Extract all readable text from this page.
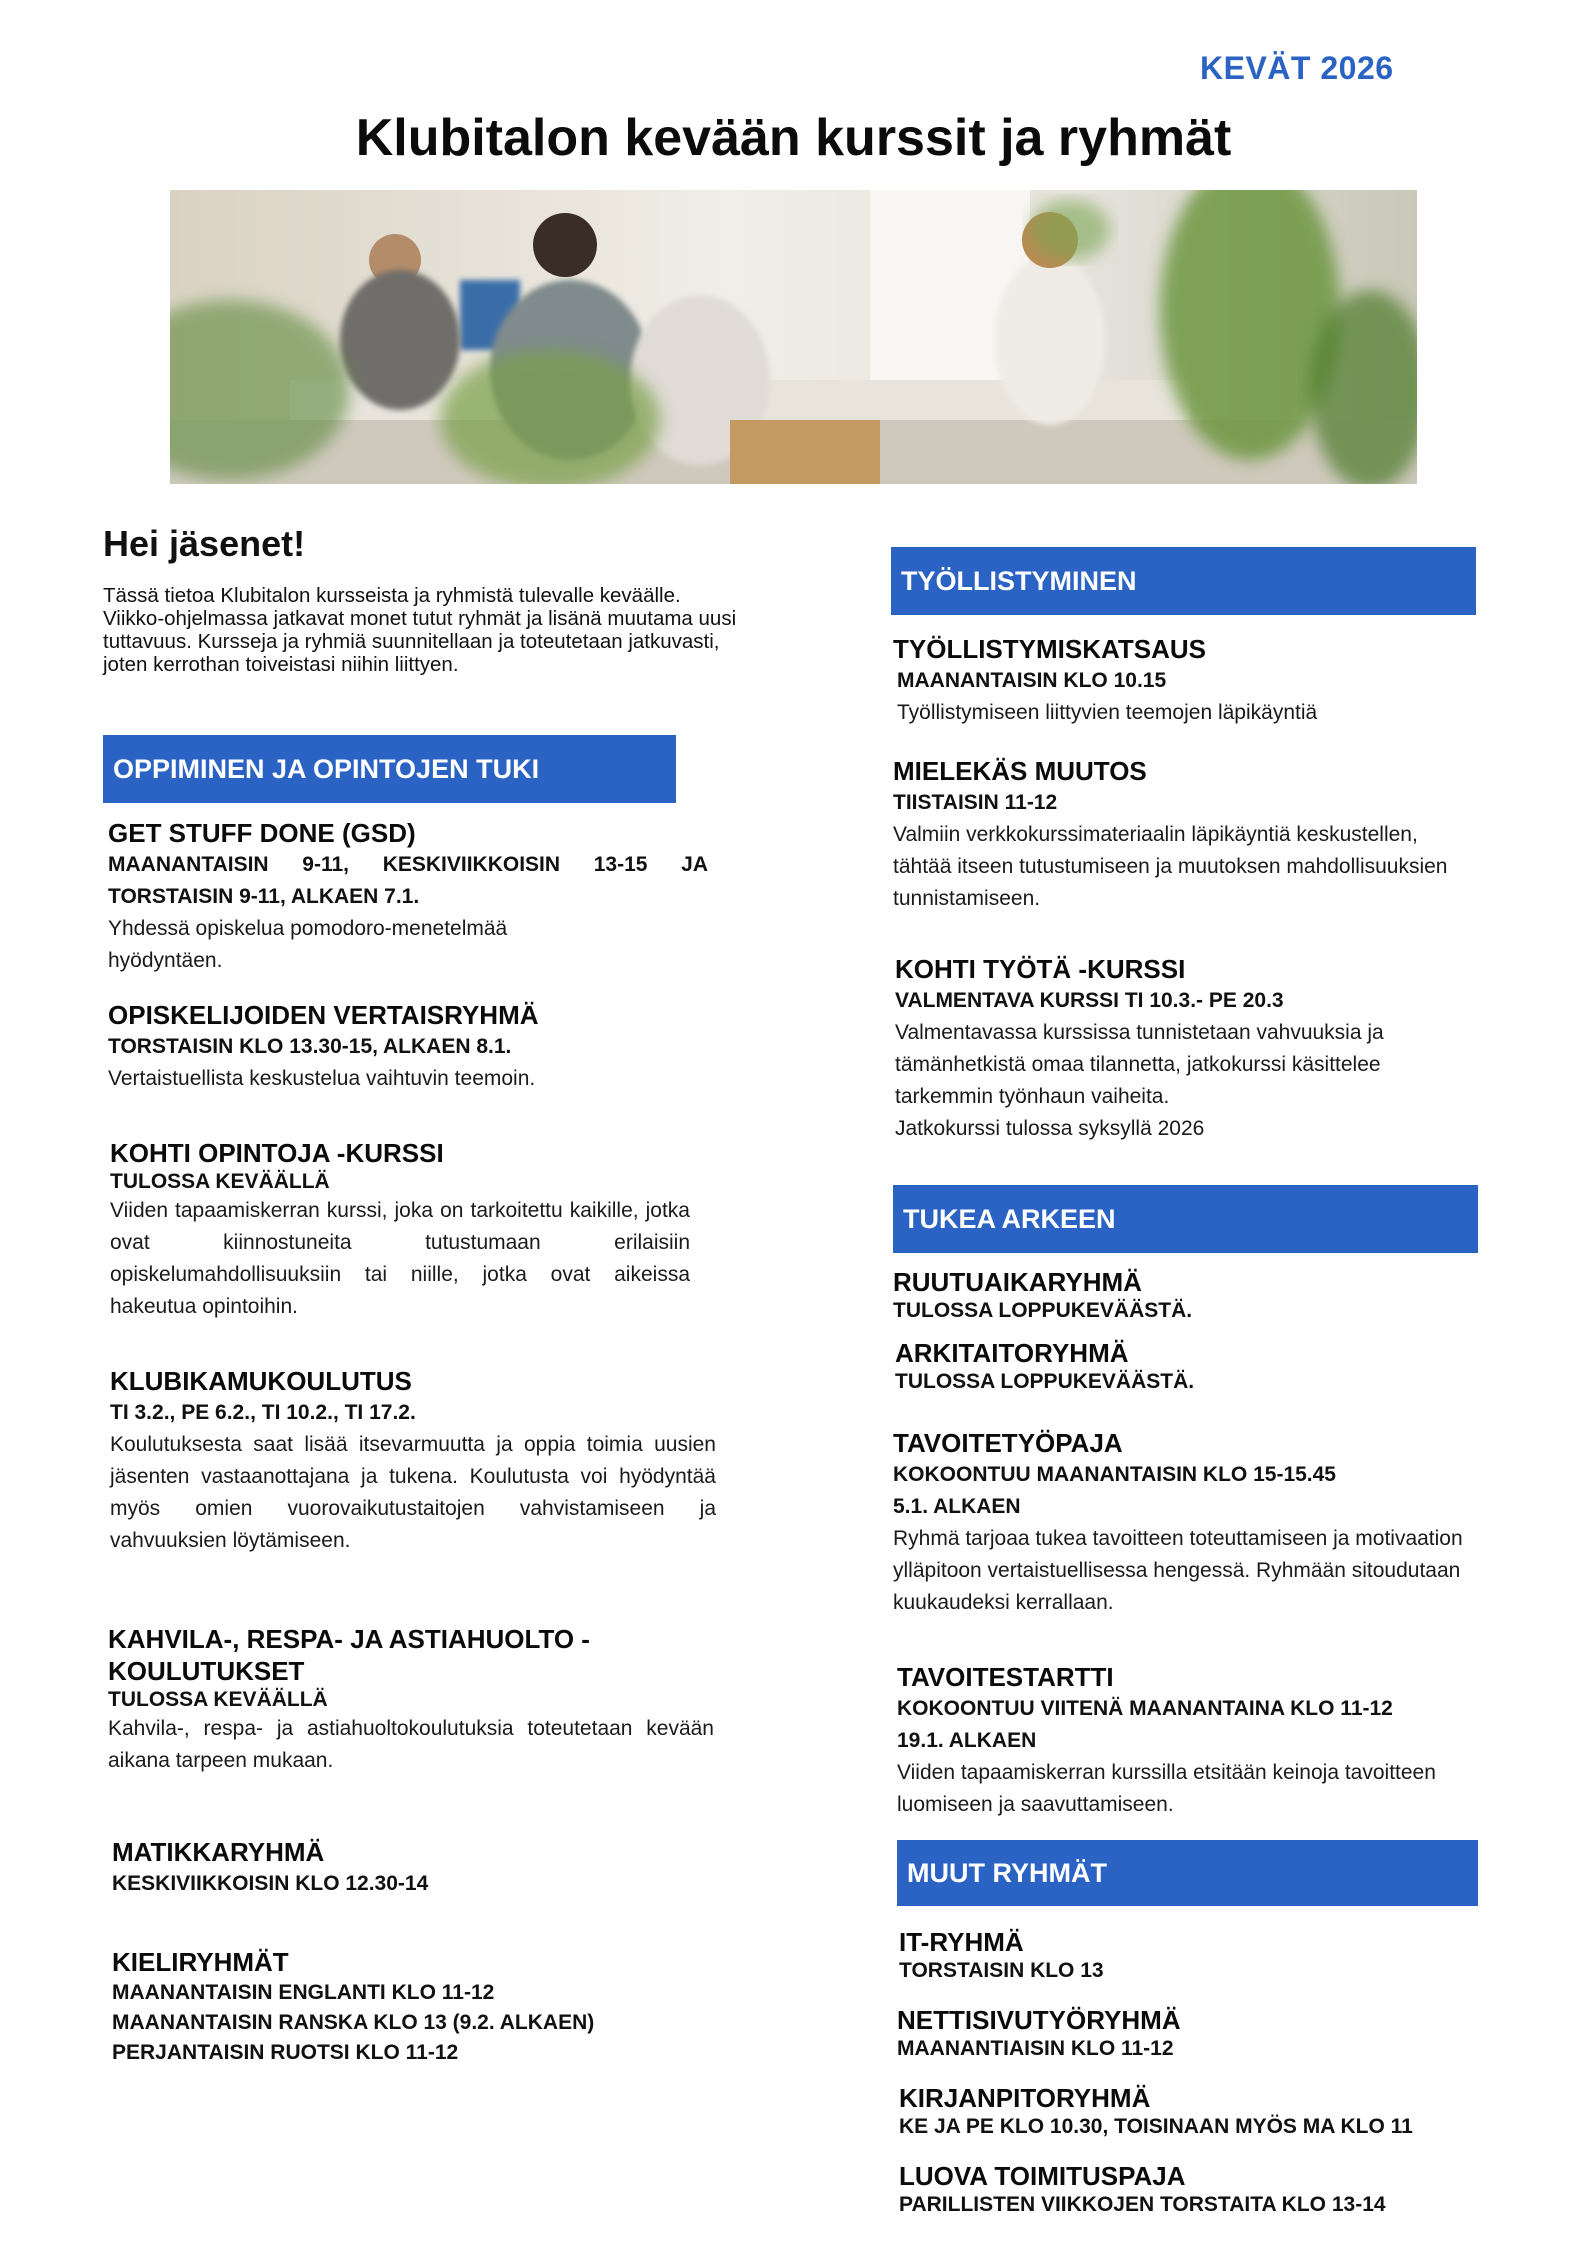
KEVÄT 2026
Klubitalon kevään kurssit ja ryhmät
Hei jäsenet!
Tässä tietoa Klubitalon kursseista ja ryhmistä tulevalle keväälle. Viikko-ohjelmassa jatkavat monet tutut ryhmät ja lisänä muutama uusi tuttavuus. Kursseja ja ryhmiä suunnitellaan ja toteutetaan jatkuvasti, joten kerrothan toiveistasi niihin liittyen.
OPPIMINEN JA OPINTOJEN TUKI
GET STUFF DONE (GSD)
MAANANTAISIN 9-11, KESKIVIIKKOISIN 13-15 JA
TORSTAISIN 9-11, ALKAEN 7.1.
Yhdessä opiskelua pomodoro-menetelmää hyödyntäen.
OPISKELIJOIDEN VERTAISRYHMÄ
TORSTAISIN KLO 13.30-15, ALKAEN 8.1.
Vertaistuellista keskustelua vaihtuvin teemoin.
KOHTI OPINTOJA -KURSSI
TULOSSA KEVÄÄLLÄ
Viiden tapaamiskerran kurssi, joka on tarkoitettu kaikille, jotka ovat kiinnostuneita tutustumaan erilaisiin opiskelumahdollisuuksiin tai niille, jotka ovat aikeissa hakeutua opintoihin.
KLUBIKAMUKOULUTUS
TI 3.2., PE 6.2., TI 10.2., TI 17.2.
Koulutuksesta saat lisää itsevarmuutta ja oppia toimia uusien jäsenten vastaanottajana ja tukena. Koulutusta voi hyödyntää myös omien vuorovaikutustaitojen vahvistamiseen ja vahvuuksien löytämiseen.
KAHVILA-, RESPA- JA ASTIAHUOLTO - KOULUTUKSET
TULOSSA KEVÄÄLLÄ
Kahvila-, respa- ja astiahuoltokoulutuksia toteutetaan kevään aikana tarpeen mukaan.
MATIKKARYHMÄ
KESKIVIIKKOISIN KLO 12.30-14
KIELIRYHMÄT
MAANANTAISIN ENGLANTI KLO 11-12
MAANANTAISIN RANSKA KLO 13 (9.2. ALKAEN)
PERJANTAISIN RUOTSI KLO 11-12
TYÖLLISTYMINEN
TYÖLLISTYMISKATSAUS
MAANANTAISIN KLO 10.15
Työllistymiseen liittyvien teemojen läpikäyntiä
MIELEKÄS MUUTOS
TIISTAISIN 11-12
Valmiin verkkokurssimateriaalin läpikäyntiä keskustellen, tähtää itseen tutustumiseen ja muutoksen mahdollisuuksien tunnistamiseen.
KOHTI TYÖTÄ -KURSSI
VALMENTAVA KURSSI TI 10.3.- PE 20.3
Valmentavassa kurssissa tunnistetaan vahvuuksia ja tämänhetkistä omaa tilannetta, jatkokurssi käsittelee tarkemmin työnhaun vaiheita.
Jatkokurssi tulossa syksyllä 2026
TUKEA ARKEEN
RUUTUAIKARYHMÄ
TULOSSA LOPPUKEVÄÄSTÄ.
ARKITAITORYHMÄ
TULOSSA LOPPUKEVÄÄSTÄ.
TAVOITETYÖPAJA
KOKOONTUU MAANANTAISIN KLO 15-15.45
5.1. ALKAEN
Ryhmä tarjoaa tukea tavoitteen toteuttamiseen ja motivaation ylläpitoon vertaistuellisessa hengessä. Ryhmään sitoudutaan kuukaudeksi kerrallaan.
TAVOITESTARTTI
KOKOONTUU VIITENÄ MAANANTAINA KLO 11-12
19.1. ALKAEN
Viiden tapaamiskerran kurssilla etsitään keinoja tavoitteen luomiseen ja saavuttamiseen.
MUUT RYHMÄT
IT-RYHMÄ
TORSTAISIN KLO 13
NETTISIVUTYÖRYHMÄ
MAANANTIAISIN KLO 11-12
KIRJANPITORYHMÄ
KE JA PE KLO 10.30, TOISINAAN MYÖS MA KLO 11
LUOVA TOIMITUSPAJA
PARILLISTEN VIIKKOJEN TORSTAITA KLO 13-14
